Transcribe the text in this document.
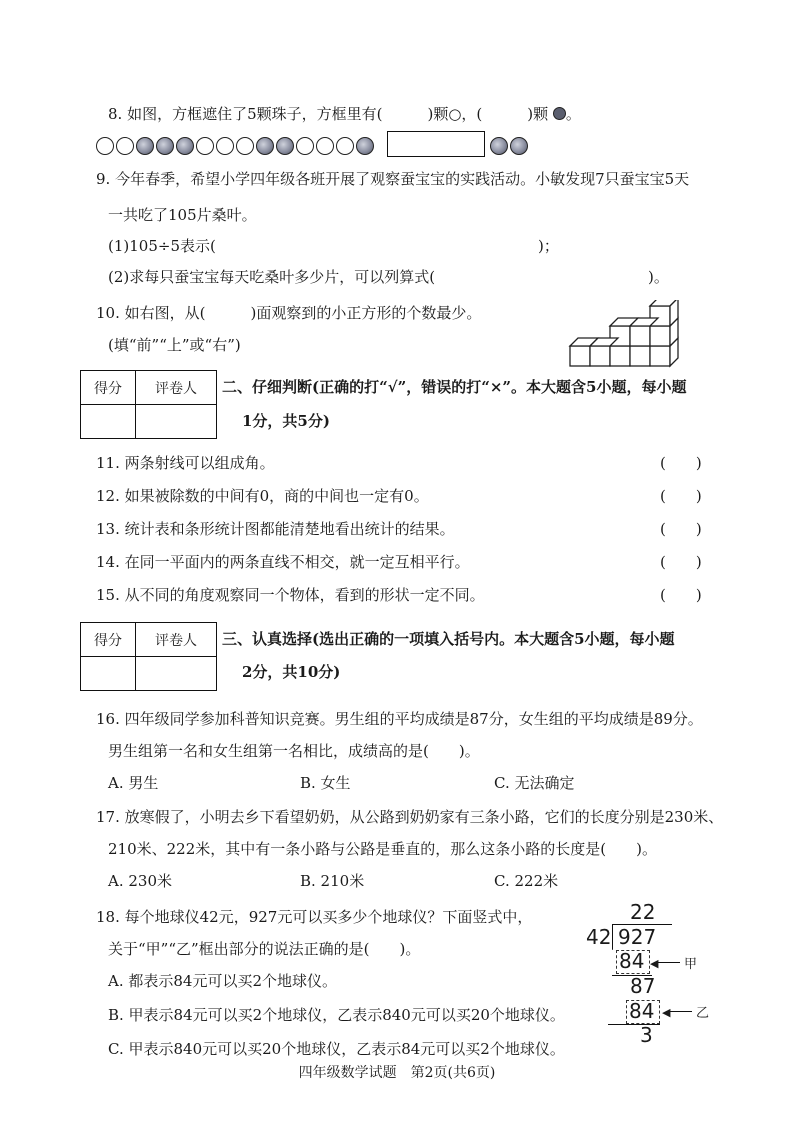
8. 如图，方框遮住了5颗珠子，方框里有(　　　)颗○，(　　　)颗 。
9. 今年春季，希望小学四年级各班开展了观察蚕宝宝的实践活动。小敏发现7只蚕宝宝5天
一共吃了105片桑叶。
(1)105÷5表示(	)；
(2)求每只蚕宝宝每天吃桑叶多少片，可以列算式(	)。
10. 如右图，从(　　　)面观察到的小正方形的个数最少。
(填“前”“上”或“右”)
得分	评卷人
	二、仔细判断(正确的打“√”，错误的打“×”。本大题含5小题，每小题
1分，共5分)
11. 两条射线可以组成角。	(　　)
12. 如果被除数的中间有0，商的中间也一定有0。	(　　)
13. 统计表和条形统计图都能清楚地看出统计的结果。	(　　)
14. 在同一平面内的两条直线不相交，就一定互相平行。	(　　)
15. 从不同的角度观察同一个物体，看到的形状一定不同。	(　　)
得分	评卷人
	三、认真选择(选出正确的一项填入括号内。本大题含5小题，每小题
2分，共10分)
16. 四年级同学参加科普知识竞赛。男生组的平均成绩是87分，女生组的平均成绩是89分。
男生组第一名和女生组第一名相比，成绩高的是(　　)。
A. 男生	B. 女生	C. 无法确定
17. 放寒假了，小明去乡下看望奶奶，从公路到奶奶家有三条小路，它们的长度分别是230米、
210米、222米，其中有一条小路与公路是垂直的，那么这条小路的长度是(　　)。
A. 230米	B. 210米	C. 222米
18. 每个地球仪42元，927元可以买多少个地球仪？下面竖式中，
关于“甲”“乙”框出部分的说法正确的是(　　)。
A. 都表示84元可以买2个地球仪。
B. 甲表示84元可以买2个地球仪，乙表示840元可以买20个地球仪。
C. 甲表示840元可以买20个地球仪，乙表示84元可以买2个地球仪。
22
42 927
84 ◀ 甲
87
84 ◀ 乙
3
四年级数学试题　第2页(共6页)
